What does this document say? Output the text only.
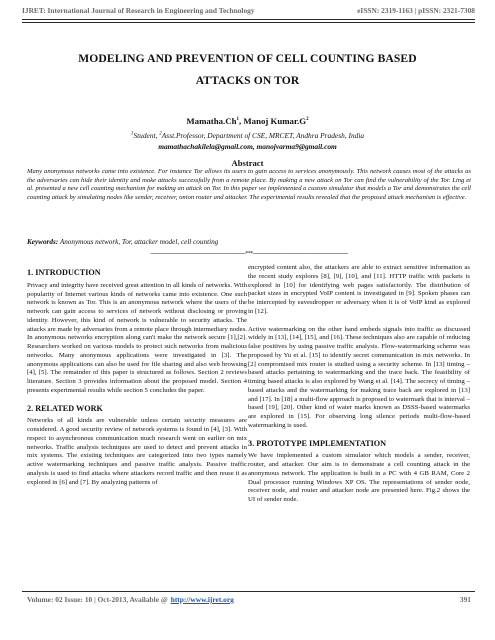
IJRET: International Journal of Research in Engineering and Technology	eISSN: 2319-1163 | pISSN: 2321-7308
MODELING AND PREVENTION OF CELL COUNTING BASED
ATTACKS ON TOR
Mamatha.Ch$^1$, Manoj $Kumar.G^2$
$^1$Student, $^2$Asst.Professor, Department of CSE, MRCET, Andhra Pradesh, India
mamathachakilela@gmail.com, manojvarma9@gmail.com
Abstract
Many anonymous networks came into existence. For instance Tor allows its users to gain access to services anonymously. This network causes most of the attacks as the adversaries can hide their identity and make attacks successfully from a remote place. By making a new attack on Tor can find the vulnerability of the Tor. Ling et al. presented a new cell counting mechanism for making an attack on Tor. In this paper we implemented a custom simulator that models a Tor and demonstrates the cell counting attack by simulating nodes like sender, receiver, onion router and attacker. The experimental results revealed that the proposed attack mechanism is effective.
Keywords: Anonymous network, Tor, attacker model, cell counting
--------------------------------------------------------------------***--------------------------------------------------------------------
1. INTRODUCTION

Privacy and integrity have received great attention in all kinds of networks. With popularity of Internet various kinds of networks came into existence. One such network is known as Tor. This is an anonymous network where the users of the network can gain access to services of network without disclosing or proving identity. However, this kind of network is vulnerable to security attacks. The attacks are made by adversaries from a remote place through intermediary nodes. In anonymous networks encryption along can't make the network secure [1],[2]. Researchers worked on various models to protect such networks from malicious networks. Many anonymous applications were investigated in [3]. The anonymous applications can also be used for file sharing and also web browsing [4], [5]. The remainder of this paper is structured as follows. Section 2 reviews literature. Section 3 provides information about the proposed model. Section 4 presents experimental results while section 5 concludes the paper.

2. RELATED WORK

Networks of all kinds are vulnerable unless certain security measures are considered. A good security review of network systems is found in [4], [3]. With respect to asynchronous communication much research went on earlier on mix networks. Traffic analysis techniques are used to detect and prevent attacks in mix systems. The existing techniques are categorized into two types namely active watermarking techniques and passive traffic analysis. Passive traffic analysis is used to find attacks where attackers record traffic and then reuse it as explored in [6] and [7]. By analyzing patterns of

encrypted content also, the attackers are able to extract sensitive information as the recent study explores [8], [9], [10], and [11]. HTTP traffic with packets is explored in [10] for identifying web pages satisfactorily. The distribution of packet sizes in encrypted VoIP content is investigated in [9]. Spoken phases can be intercepted by eavesdropper or adversary when it is of VoIP kind as explored in [12].

Active watermarking on the other hand embeds signals into traffic as discussed widely in [13], [14], [15], and [16]. These techniques also are capable of reducing false positives by using passive traffic analysis. Flow-watermarking scheme was proposed by Yu et al. [15] to identify secret communication in mix networks. In [2] compromised mix router is studied using a security scheme. In [13] timing – based attacks pertaining to watermarking and the trace back. The feasibility of timing based attacks is also explored by Wang et al. [14]. The secrecy of timing – based attacks and the watermarking for making trace back are explored in [13] and [17]. In [18] a multi-flow approach is proposed to watermark that is interval – based [19], [20]. Other kind of water marks known as DSSS-based watermarks are explored in [15]. For observing long silence periods multi-flow-based watermarking is used.

3. PROTOTYPE IMPLEMENTATION

We have implemented a custom simulator which models a sender, receiver, router, and attacker. Our aim is to demonstrate a cell counting attack in the anonymous network. The application is built in a PC with 4 GB RAM, Core 2 Dual processor running Windows XP OS. The representations of sender node, receiver node, and router and attacker node are presented here. Fig.2 shows the UI of sender node.

Volume: 02 Issue: 10 | Oct-2013, Available @ http://www.ijret.org	391
